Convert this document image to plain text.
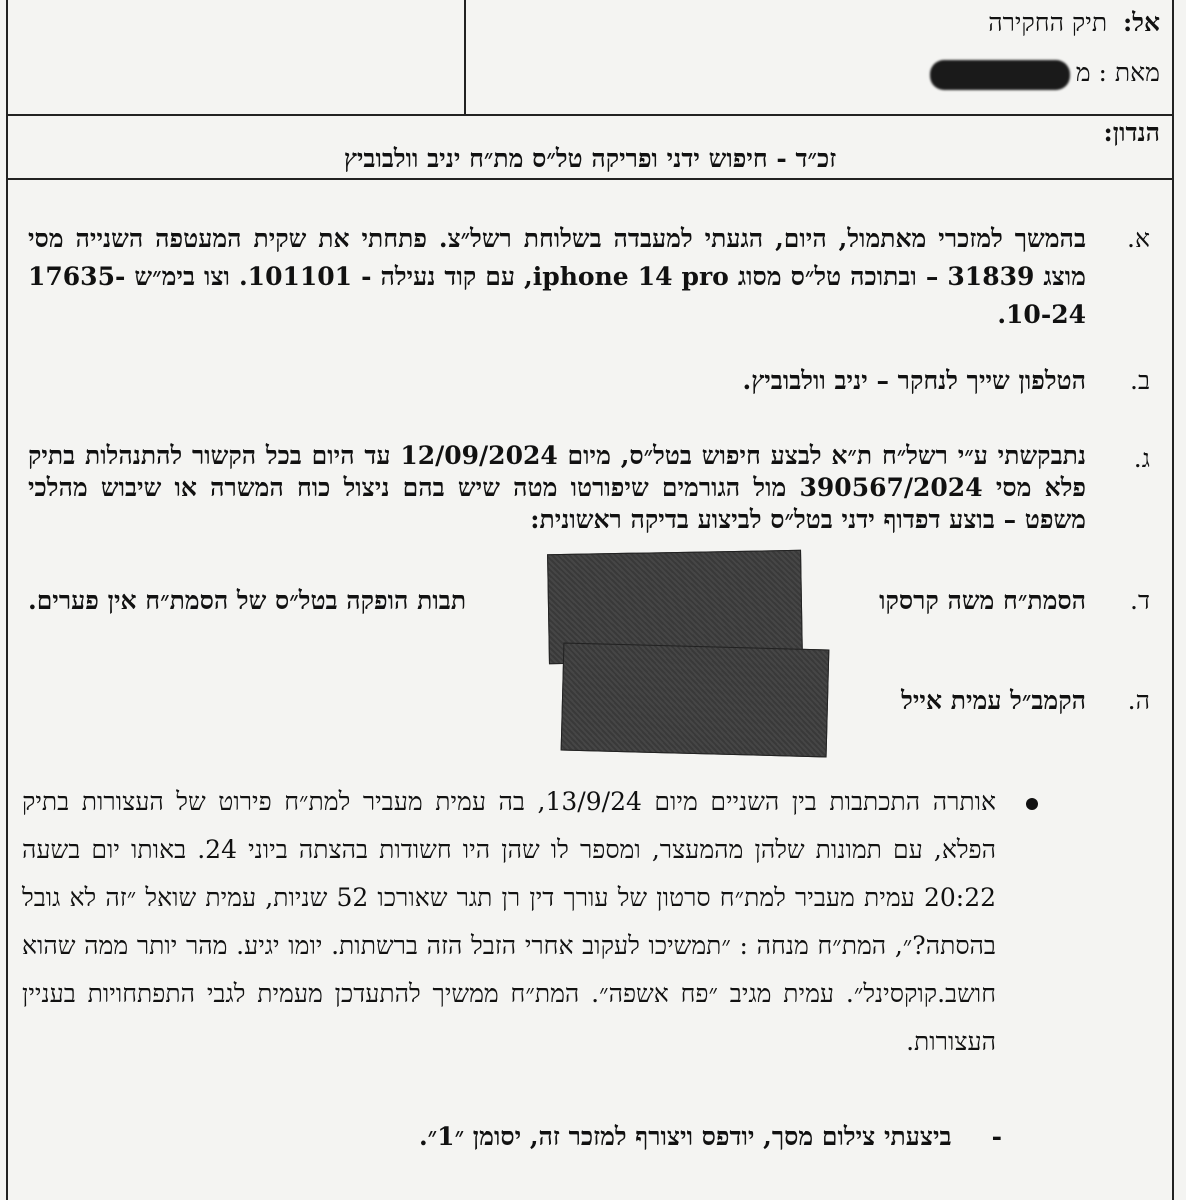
אל:  תיק החקירה
מאת : מ
הנדון:
זכ״ד - חיפוש ידני ופריקה טל״ס מת״ח יניב וולבוביץ
א.
בהמשך למזכרי מאתמול, היום, הגעתי למעבדה בשלוחת רשל״צ. פתחתי את שקית המעטפה השנייה מסי מוצג 31839 – ובתוכה טל״ס מסוג iphone 14 pro, עם קוד נעילה - 101101. וצו בימ״ש 17635-10-24.
ב.
הטלפון שייך לנחקר – יניב וולבוביץ.
ג.
נתבקשתי ע״י רשל״ח ת״א לבצע חיפוש בטל״ס, מיום 12/09/2024 עד היום בכל הקשור להתנהלות בתיק פלא מסי 390567/2024 מול הגורמים שיפורטו מטה שיש בהם ניצול כוח המשרה או שיבוש מהלכי משפט – בוצע דפדוף ידני בטל״ס לביצוע בדיקה ראשונית:
ד.
הסמת״ח משה קרסקו
תבות הופקה בטל״ס של הסמת״ח אין פערים.
ה.
הקמב״ל עמית אייל
אותרה התכתבות בין השניים מיום 13/9/24, בה עמית מעביר למת״ח פירוט של העצורות בתיק הפלא, עם תמונות שלהן מהמעצר, ומספר לו שהן היו חשודות בהצתה ביוני 24. באותו יום בשעה 20:22 עמית מעביר למת״ח סרטון של עורך דין רן תגר שאורכו 52 שניות, עמית שואל ״זה לא גובל בהסתה?״, המת״ח מנחה : ״תמשיכו לעקוב אחרי הזבל הזה ברשתות. יומו יגיע. מהר יותר ממה שהוא חושב.קוקסינל״. עמית מגיב ״פח אשפה״. המת״ח ממשיך להתעדכן מעמית לגבי התפתחויות בעניין העצורות.
-ביצעתי צילום מסך, יודפס ויצורף למזכר זה, יסומן ״1״.
